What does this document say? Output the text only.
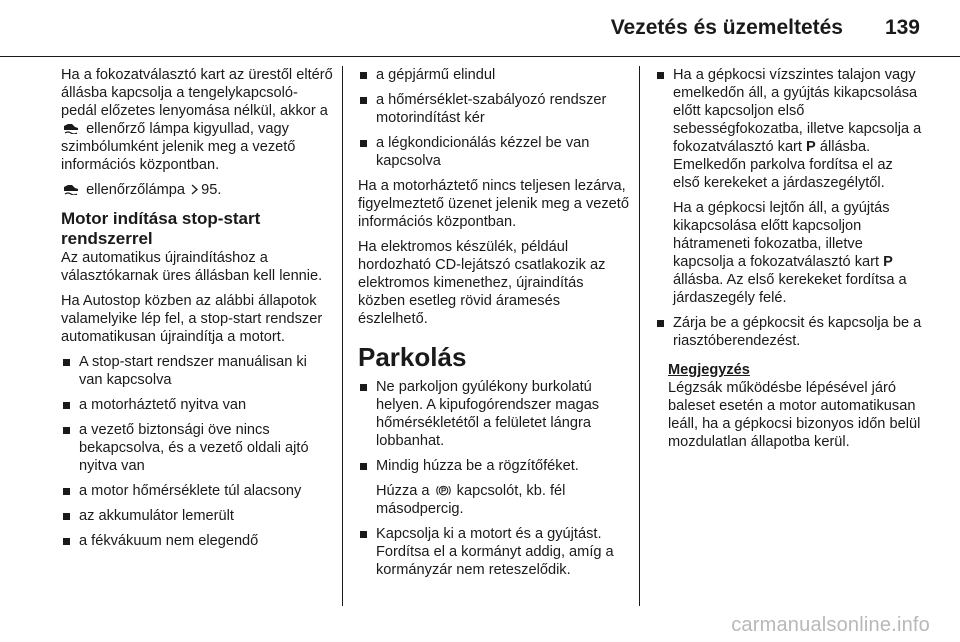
Vezetés és üzemeltetés 139

Ha a fokozatválasztó kart az ürestől eltérő állásba kapcsolja a tengelykapcsoló-pedál előzetes lenyomása nélkül, akkor a  ellenőrző lámpa kigyullad, vagy szimbólumként jelenik meg a vezető információs központban.

ellenőrzőlámpa 95.

Motor indítása stop-start rendszerrel

Az automatikus újraindításhoz a választókarnak üres állásban kell lennie.

Ha Autostop közben az alábbi állapotok valamelyike lép fel, a stop-start rendszer automatikusan újraindítja a motort.

A stop-start rendszer manuálisan ki van kapcsolva
a motorháztető nyitva van
a vezető biztonsági öve nincs bekapcsolva, és a vezető oldali ajtó nyitva van
a motor hőmérséklete túl alacsony
az akkumulátor lemerült
a fékvákuum nem elegendő
a gépjármű elindul
a hőmérséklet-szabályozó rendszer motorindítást kér
a légkondicionálás kézzel be van kapcsolva

Ha a motorháztető nincs teljesen lezárva, figyelmeztető üzenet jelenik meg a vezető információs központban.

Ha elektromos készülék, például hordozható CD-lejátszó csatlakozik az elektromos kimenethez, újraindítás közben esetleg rövid áramesés észlelhető.

Parkolás
Ne parkoljon gyúlékony burkolatú helyen. A kipufogórendszer magas hőmérsékletétől a felületet lángra lobbanhat.
Mindig húzza be a rögzítőféket.
Húzza a kapcsolót, kb. fél másodpercig.
Kapcsolja ki a motort és a gyújtást. Fordítsa el a kormányt addig, amíg a kormányzár nem reteszelődik.
Ha a gépkocsi vízszintes talajon vagy emelkedőn áll, a gyújtás kikapcsolása előtt kapcsoljon első sebességfokozatba, illetve kapcsolja a fokozatválasztó kart P állásba. Emelkedőn parkolva fordítsa el az első kerekeket a járdaszegélytől.
Ha a gépkocsi lejtőn áll, a gyújtás kikapcsolása előtt kapcsoljon hátrameneti fokozatba, illetve kapcsolja a fokozatválasztó kart P állásba. Az első kerekeket fordítsa a járdaszegély felé.
Zárja be a gépkocsit és kapcsolja be a riasztóberendezést.

Megjegyzés

Légzsák működésbe lépésével járó baleset esetén a motor automatikusan leáll, ha a gépkocsi bizonyos időn belül mozdulatlan állapotba kerül.

carmanualsonline.info
